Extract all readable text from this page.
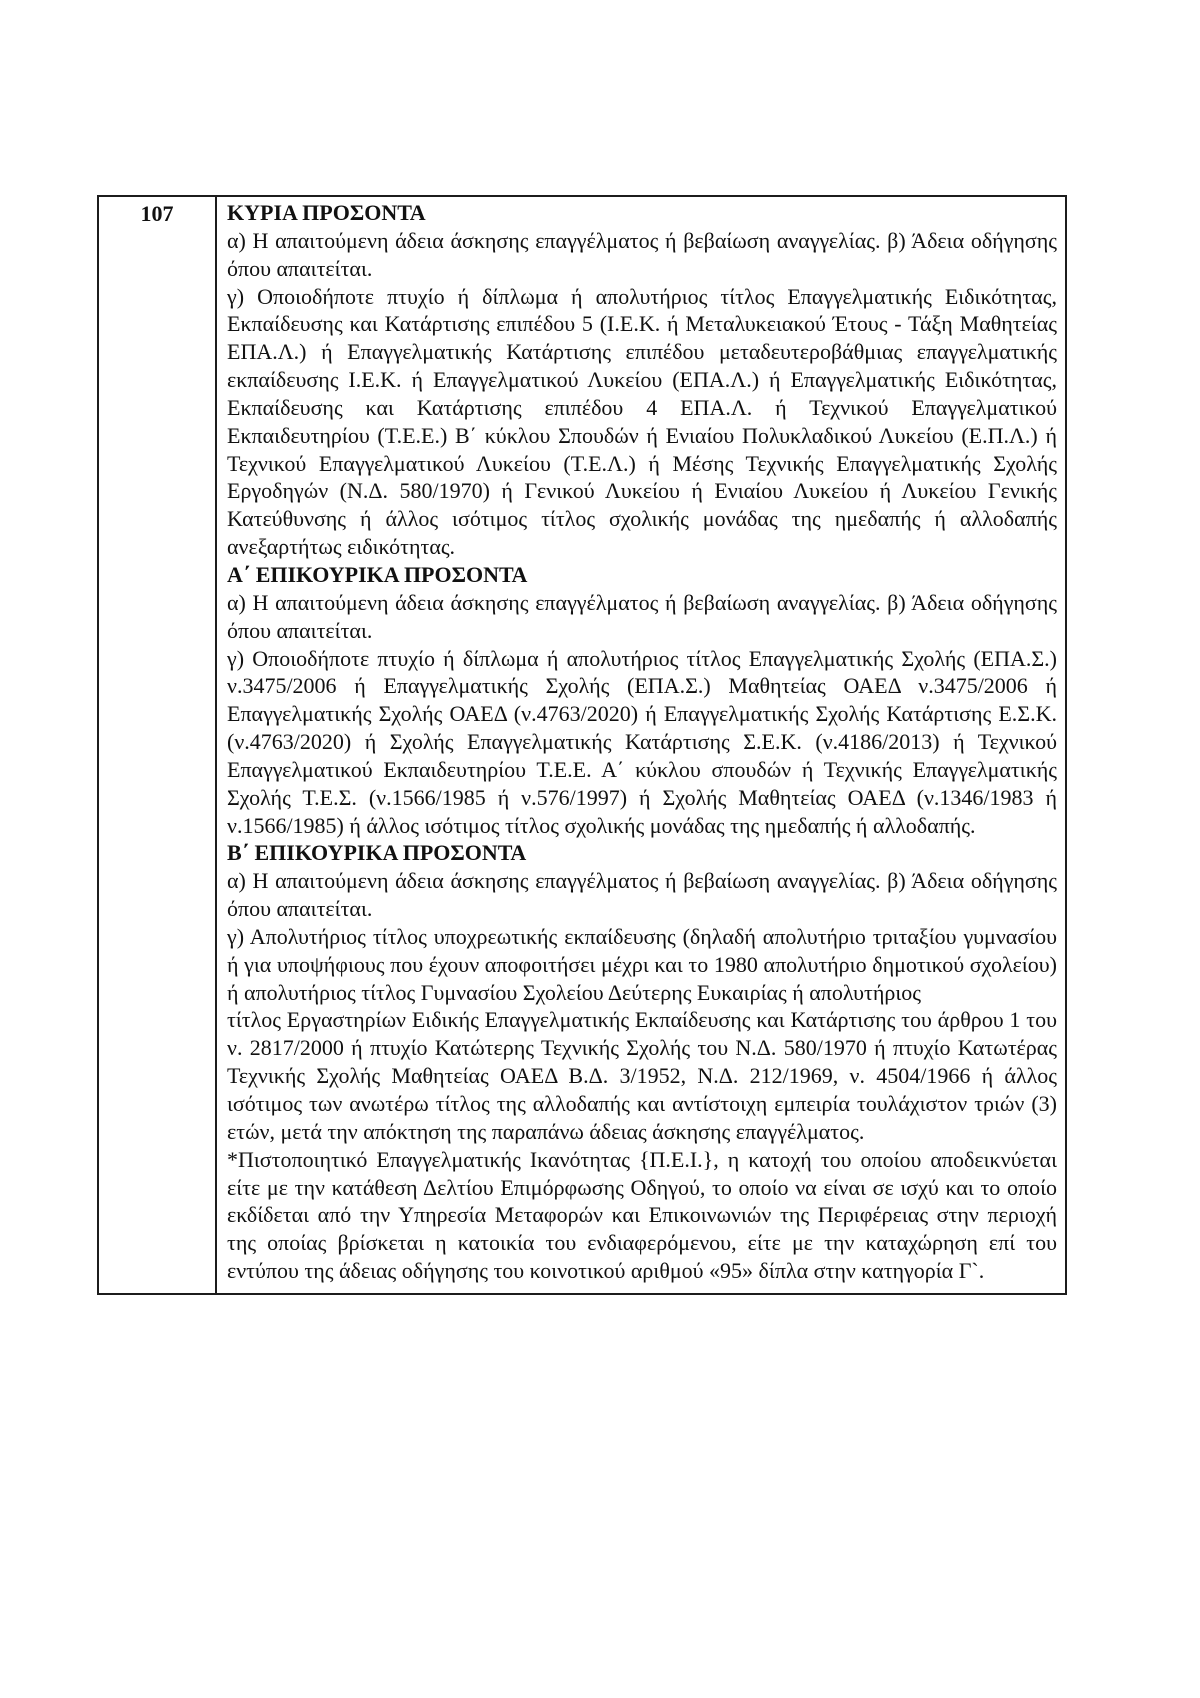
107	ΚΥΡΙΑ ΠΡΟΣΟΝΤΑ

α) Η απαιτούμενη άδεια άσκησης επαγγέλματος ή βεβαίωση αναγγελίας. β) Άδεια οδήγησης όπου απαιτείται.

γ) Οποιοδήποτε πτυχίο ή δίπλωμα ή απολυτήριος τίτλος Επαγγελματικής Ειδικότητας, Εκπαίδευσης και Κατάρτισης επιπέδου 5 (Ι.Ε.Κ. ή Μεταλυκειακού Έτους - Τάξη Μαθητείας ΕΠΑ.Λ.) ή Επαγγελματικής Κατάρτισης επιπέδου μεταδευτεροβάθμιας επαγγελματικής εκπαίδευσης Ι.Ε.Κ. ή Επαγγελματικού Λυκείου (ΕΠΑ.Λ.) ή Επαγγελματικής Ειδικότητας, Εκπαίδευσης και Κατάρτισης επιπέδου 4 ΕΠΑ.Λ. ή Τεχνικού Επαγγελματικού Εκπαιδευτηρίου (Τ.Ε.Ε.) Β΄ κύκλου Σπουδών ή Ενιαίου Πολυκλαδικού Λυκείου (Ε.Π.Λ.) ή Τεχνικού Επαγγελματικού Λυκείου (Τ.Ε.Λ.) ή Μέσης Τεχνικής Επαγγελματικής Σχολής Εργοδηγών (Ν.Δ. 580/1970) ή Γενικού Λυκείου ή Ενιαίου Λυκείου ή Λυκείου Γενικής Κατεύθυνσης ή άλλος ισότιμος τίτλος σχολικής μονάδας της ημεδαπής ή αλλοδαπής ανεξαρτήτως ειδικότητας.

Α΄ ΕΠΙΚΟΥΡΙΚΑ ΠΡΟΣΟΝΤΑ

α) Η απαιτούμενη άδεια άσκησης επαγγέλματος ή βεβαίωση αναγγελίας. β) Άδεια οδήγησης όπου απαιτείται.

γ) Οποιοδήποτε πτυχίο ή δίπλωμα ή απολυτήριος τίτλος Επαγγελματικής Σχολής (ΕΠΑ.Σ.) ν.3475/2006 ή Επαγγελματικής Σχολής (ΕΠΑ.Σ.) Μαθητείας ΟΑΕΔ ν.3475/2006 ή Επαγγελματικής Σχολής ΟΑΕΔ (ν.4763/2020) ή Επαγγελματικής Σχολής Κατάρτισης Ε.Σ.Κ. (ν.4763/2020) ή Σχολής Επαγγελματικής Κατάρτισης Σ.Ε.Κ. (ν.4186/2013) ή Τεχνικού Επαγγελματικού Εκπαιδευτηρίου Τ.Ε.Ε. Α΄ κύκλου σπουδών ή Τεχνικής Επαγγελματικής Σχολής Τ.Ε.Σ. (ν.1566/1985 ή ν.576/1997) ή Σχολής Μαθητείας ΟΑΕΔ (ν.1346/1983 ή ν.1566/1985) ή άλλος ισότιμος τίτλος σχολικής μονάδας της ημεδαπής ή αλλοδαπής.

Β΄ ΕΠΙΚΟΥΡΙΚΑ ΠΡΟΣΟΝΤΑ

α) Η απαιτούμενη άδεια άσκησης επαγγέλματος ή βεβαίωση αναγγελίας. β) Άδεια οδήγησης όπου απαιτείται.

γ) Απολυτήριος τίτλος υποχρεωτικής εκπαίδευσης (δηλαδή απολυτήριο τριταξίου γυμνασίου ή για υποψήφιους που έχουν αποφοιτήσει μέχρι και το 1980 απολυτήριο δημοτικού σχολείου) ή απολυτήριος τίτλος Γυμνασίου Σχολείου Δεύτερης Ευκαιρίας ή απολυτήριος

τίτλος Εργαστηρίων Ειδικής Επαγγελματικής Εκπαίδευσης και Κατάρτισης του άρθρου 1 του ν. 2817/2000 ή πτυχίο Κατώτερης Τεχνικής Σχολής του Ν.Δ. 580/1970 ή πτυχίο Κατωτέρας Τεχνικής Σχολής Μαθητείας ΟΑΕΔ Β.Δ. 3/1952, Ν.Δ. 212/1969, ν. 4504/1966 ή άλλος ισότιμος των ανωτέρω τίτλος της αλλοδαπής και αντίστοιχη εμπειρία τουλάχιστον τριών (3) ετών, μετά την απόκτηση της παραπάνω άδειας άσκησης επαγγέλματος.

*Πιστοποιητικό Επαγγελματικής Ικανότητας {Π.Ε.Ι.}, η κατοχή του οποίου αποδεικνύεται είτε με την κατάθεση Δελτίου Επιμόρφωσης Οδηγού, το οποίο να είναι σε ισχύ και το οποίο εκδίδεται από την Υπηρεσία Μεταφορών και Επικοινωνιών της Περιφέρειας στην περιοχή της οποίας βρίσκεται η κατοικία του ενδιαφερόμενου, είτε με την καταχώρηση επί του εντύπου της άδειας οδήγησης του κοινοτικού αριθμού «95» δίπλα στην κατηγορία Γ`.
